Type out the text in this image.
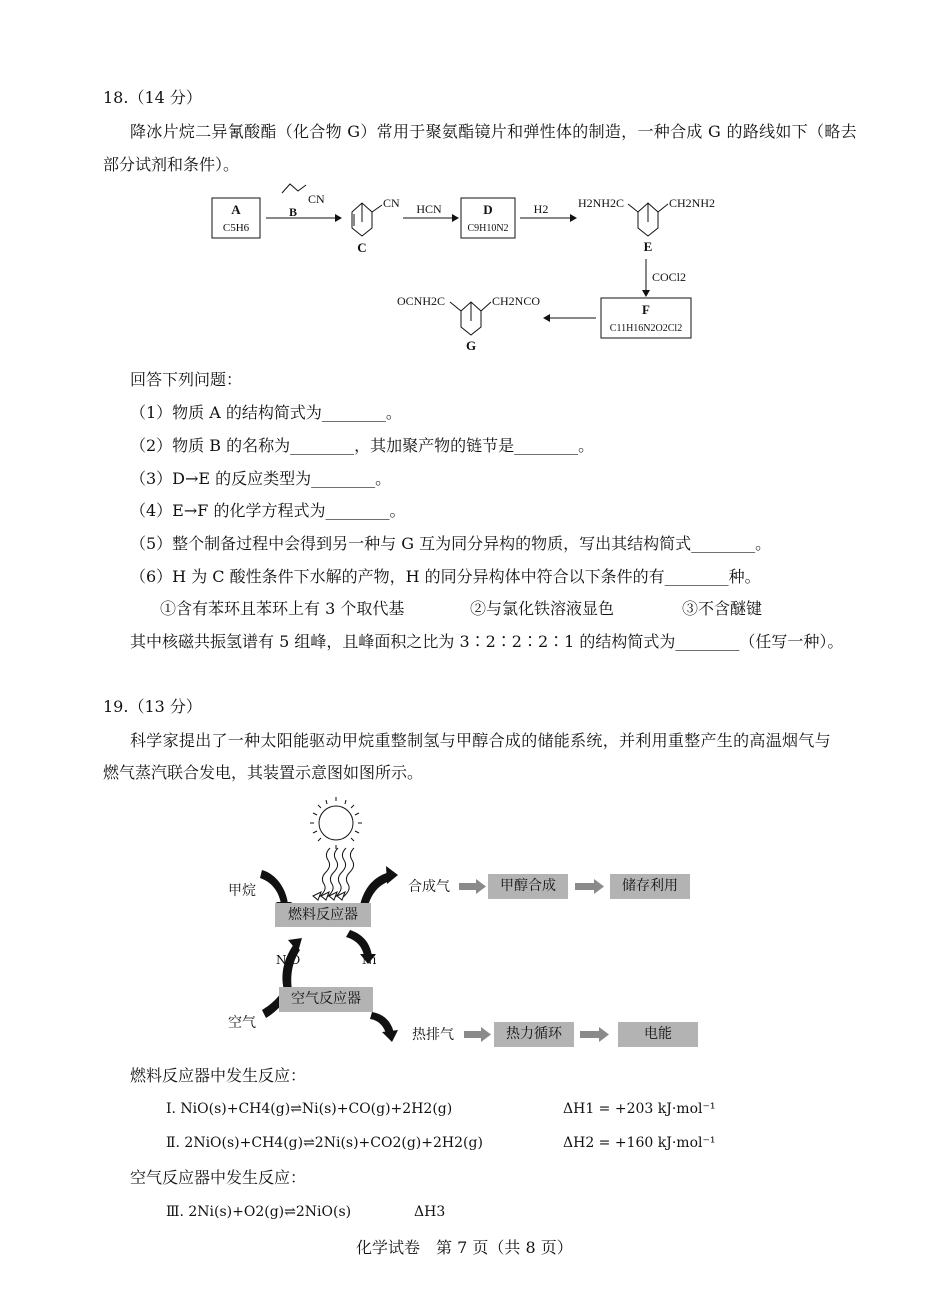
18.（14 分）
降冰片烷二异氰酸酯（化合物 G）常用于聚氨酯镜片和弹性体的制造，一种合成 G 的路线如下（略去
部分试剂和条件）。
A
C5H6
CN
B
CN
C
HCN	D
C9H10N2
H2 H2NH2C	CH2NH2
E
COCl2
F
C11H16N2O2Cl2
OCNH2C	CH2NCO
G
回答下列问题：
（1）物质 A 的结构简式为________。
（2）物质 B 的名称为________，其加聚产物的链节是________。
（3）D→E 的反应类型为________。
（4）E→F 的化学方程式为________。
（5）整个制备过程中会得到另一种与 G 互为同分异构的物质，写出其结构简式________。
（6）H 为 C 酸性条件下水解的产物，H 的同分异构体中符合以下条件的有________种。
①含有苯环且苯环上有 3 个取代基	②与氯化铁溶液显色	③不含醚键
其中核磁共振氢谱有 5 组峰，且峰面积之比为 3∶2∶2∶2∶1 的结构简式为________（任写一种）。
19.（13 分）
科学家提出了一种太阳能驱动甲烷重整制氢与甲醇合成的储能系统，并利用重整产生的高温烟气与
燃气蒸汽联合发电，其装置示意图如图所示。
甲烷
燃料反应器
合成气	甲醇合成	储存利用
NiO	Ni
空气
空气反应器
热排气	热力循环	电能
燃料反应器中发生反应：
Ⅰ. NiO(s)+CH4(g)⇌Ni(s)+CO(g)+2H2(g)	ΔH1 = +203 kJ·mol⁻¹
Ⅱ. 2NiO(s)+CH4(g)⇌2Ni(s)+CO2(g)+2H2(g)	ΔH2 = +160 kJ·mol⁻¹
空气反应器中发生反应：
Ⅲ. 2Ni(s)+O2(g)⇌2NiO(s)	ΔH3
化学试卷　第 7 页（共 8 页）
